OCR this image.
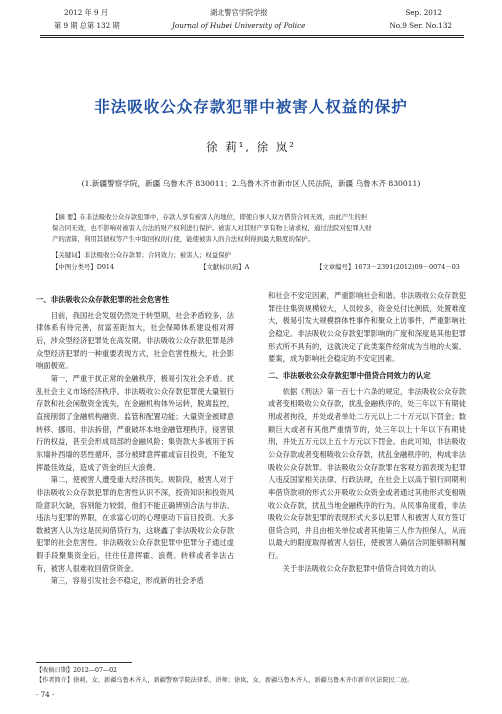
2012 年 9 月
第 9 期 总第 132 期
湖北警官学院学报
Journal of Hubei University of Police
Sep. 2012
No.9 Ser. No.132
非法吸收公众存款犯罪中被害人权益的保护
徐 莉¹, 徐 岚²
(1.新疆警察学院，新疆 乌鲁木齐 830011；2.乌鲁木齐市新市区人民法院，新疆 乌鲁木齐 830011)
【摘 要】在非法吸收公众存款犯罪中，存款人享有被害人的地位，即使自事人双方借贷合同无效，由此产生的担
保合同无效，也不影响对被害人合法的财产权利进行保护。被害人对其财产享有物上请求权，通过法院对犯罪人财
产的清算，利用其债权等产生中取回权的行使，能使被害人的合法权利得到最大限度的保护。
【关键词】非法吸收公众存款罪；合同效力；被害人；权益保护
【中图分类号】D914	【文献标识码】A	【文章编号】1673－2391(2012)09－0074－03

一、非法吸收公众存款犯罪的社会危害性

目前，我国社会发展仍然处于转型期，社会矛盾较多，法律体系有待完善，贫富差距加大，社会保障体系建设相对滞后，涉众型经济犯罪处在高发期。非法吸收公众存款犯罪是涉众型经济犯罪的一种重要表现方式，社会危害性极大，社会影响面极宽。

第一，严重干扰正常的金融秩序，极易引发社会矛盾。扰乱社会主义市场经济秩序。非法吸收公众存款犯罪使大量银行存款和社会闲散资金流失，在金融机构体外运转，脱离监控，直接削弱了金融机构融资、监管和配置功能；大量资金被肆意转移、挪用、非法拆借，严重破坏本地金融管理秩序，侵害银行的权益，甚至会形成局部的金融风险；集资款大多被用于拆东墙补西墙的恶性循环，部分被肆意挥霍或盲目投资，不能发挥最佳效益，造成了资金的巨大浪费。

第二，使被害人遭受重大经济损失。规阶段，被害人对于非法吸收公众存款犯罪的危害性认识不深，投资知识和投资风险意识欠缺，容别能力较弱，他们不能正确辨别合法与非法、违法与犯罪的界限，在求富心切的心理驱动下盲目投资。大多数被害人认为这是民间借贷行为，这晓鑫了非法吸收公众存款犯罪的社会危害性。非法吸收公众存款犯罪中犯罪分子通过虚假手段聚集资金后，往往任意挥霍、浪费、转移或者非法占有，被害人很难收回借贷资金。

第三，容易引发社会不稳定，形成新的社会矛盾

和社会不安定因素，严重影响社会和谐。非法吸收公众存款犯罪往往集资规模较大，人员较多，资金兑付比例低，处置难度大，极易引发大规模群体性事件和聚众上访事件，严重影响社会稳定。非法吸收公众存款犯罪影响的广度和深度是其他犯罪形式所不具有的，这就决定了此类案件经常成为当地的大案、要案，成为影响社会稳定的不安定因素。

二、非法吸收公众存款犯罪中借贷合同效力的认定

依据《刑法》第一百七十六条的规定，非法吸收公众存款或者变相吸收公众存款，扰乱金融秩序的，处三年以下有期徒刑或者拘役，并处或者单处二万元以上二十万元以下罚金；数额巨大或者有其他严重情节的，处三年以上十年以下有期徒刑，并处五万元以上五十万元以下罚金。由此可知，非法吸收公众存款或者变相吸收公众存款，扰乱金融秩序的，构成非法吸收公众存款罪。非法吸收公众存款罪在客观方面表现为犯罪人违反国家相关法律、行政法规，在社会上以高于银行同期利率借贷款项的形式公开吸收公众资金或者通过其他形式变相吸收公众存款，扰乱当地金融秩序的行为。从民事角度看，非法吸收公众存款犯罪的表现形式大多以犯罪人和被害人双方签订借贷合同，并且由相关单位或者其他第三人作为担保人，从而以最大的限度取得被害人信任，使被害人确信合同能够顺利履行。

关于非法吸收公众存款犯罪中借贷合同效力的认

【收稿日期】2012—07—02
【作者简介】徐莉，女，新疆乌鲁木齐人，新疆警察学院法律系，讲师；徐岚，女，新疆乌鲁木齐人，新疆乌鲁木齐市新市区法院民二庭。
· 74 ·
